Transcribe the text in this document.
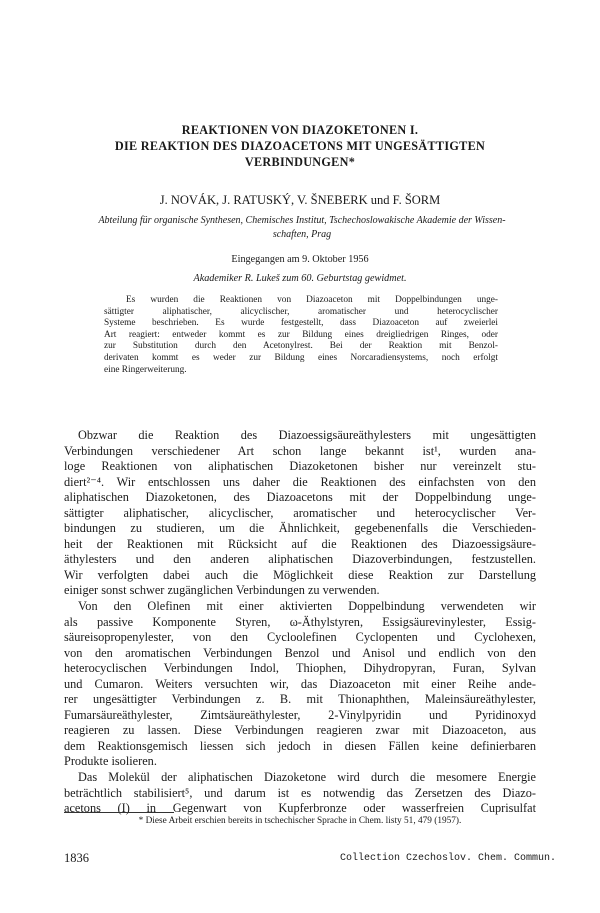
REAKTIONEN VON DIAZOKETONEN I.
DIE REAKTION DES DIAZOACETONS MIT UNGESÄTTIGTEN
VERBINDUNGEN*

J. NOVÁK, J. RATUSKÝ, V. ŠNEBERK und F. ŠORM

Abteilung für organische Synthesen, Chemisches Institut, Tschechoslowakische Akademie der Wissen-
schaften, Prag

Eingegangen am 9. Oktober 1956

Akademiker R. Lukeš zum 60. Geburtstag gewidmet.

Es wurden die Reaktionen von Diazoaceton mit Doppelbindungen unge-
sättigter aliphatischer, alicyclischer, aromatischer und heterocyclischer
Systeme beschrieben. Es wurde festgestellt, dass Diazoaceton auf zweierlei
Art reagiert: entweder kommt es zur Bildung eines dreigliedrigen Ringes, oder
zur Substitution durch den Acetonylrest. Bei der Reaktion mit Benzol-
derivaten kommt es weder zur Bildung eines Norcaradiensystems, noch erfolgt
eine Ringerweiterung.
Obzwar die Reaktion des Diazoessigsäureäthylesters mit ungesättigten
Verbindungen verschiedener Art schon lange bekannt ist¹, wurden ana-
loge Reaktionen von aliphatischen Diazoketonen bisher nur vereinzelt stu-
diert²⁻⁴. Wir entschlossen uns daher die Reaktionen des einfachsten von den
aliphatischen Diazoketonen, des Diazoacetons mit der Doppelbindung unge-
sättigter aliphatischer, alicyclischer, aromatischer und heterocyclischer Ver-
bindungen zu studieren, um die Ähnlichkeit, gegebenenfalls die Verschieden-
heit der Reaktionen mit Rücksicht auf die Reaktionen des Diazoessigsäure-
äthylesters und den anderen aliphatischen Diazoverbindungen, festzustellen.
Wir verfolgten dabei auch die Möglichkeit diese Reaktion zur Darstellung
einiger sonst schwer zugänglichen Verbindungen zu verwenden.
Von den Olefinen mit einer aktivierten Doppelbindung verwendeten wir
als passive Komponente Styren, ω-Äthylstyren, Essigsäurevinylester, Essig-
säureisopropenylester, von den Cycloolefinen Cyclopenten und Cyclohexen,
von den aromatischen Verbindungen Benzol und Anisol und endlich von den
heterocyclischen Verbindungen Indol, Thiophen, Dihydropyran, Furan, Sylvan
und Cumaron. Weiters versuchten wir, das Diazoaceton mit einer Reihe ande-
rer ungesättigter Verbindungen z. B. mit Thionaphthen, Maleinsäureäthylester,
Fumarsäureäthylester, Zimtsäureäthylester, 2-Vinylpyridin und Pyridinoxyd
reagieren zu lassen. Diese Verbindungen reagieren zwar mit Diazoaceton, aus
dem Reaktionsgemisch liessen sich jedoch in diesen Fällen keine definierbaren
Produkte isolieren.
Das Molekül der aliphatischen Diazoketone wird durch die mesomere Energie
beträchtlich stabilisiert⁵, und darum ist es notwendig das Zersetzen des Diazo-
acetons (I) in Gegenwart von Kupferbronze oder wasserfreien Cuprisulfat

* Diese Arbeit erschien bereits in tschechischer Sprache in Chem. listy 51, 479 (1957).

1836	Collection Czechoslov. Chem. Commun.
